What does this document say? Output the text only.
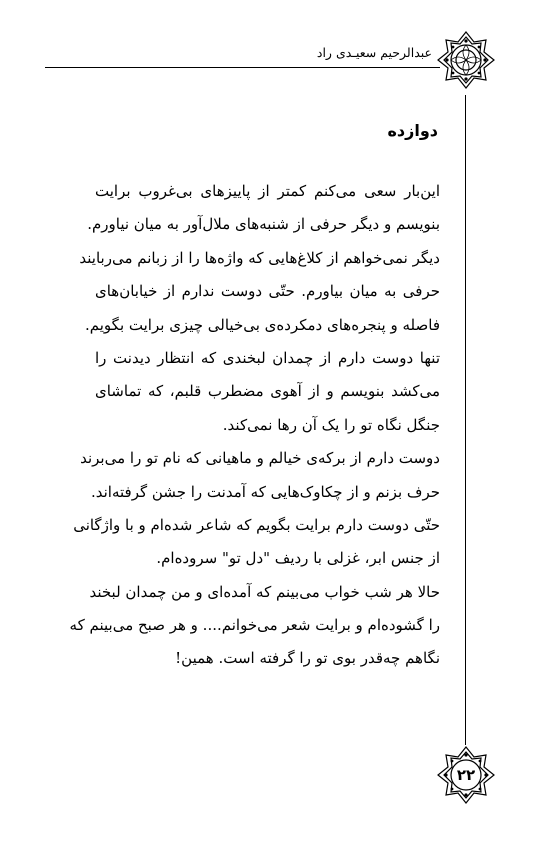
عبدالرحیم سعیـدی راد
۲۲
دوازده
این‌بار سعی می‌کنم کمتر از پاییزهای بی‌غروب برایت
بنویسم و دیگر حرفی از شنبه‌های ملال‌آور به میان نیاورم.
دیگر نمی‌خواهم از کلاغ‌هایی که واژه‌ها را از زبانم می‌ربایند
حرفی به میان بیاورم. حتّی دوست ندارم از خیابان‌های
فاصله و پنجره‌های دمکرده‌ی بی‌خیالی چیزی برایت بگویم.
تنها دوست دارم از چمدان لبخندی که انتظار دیدنت را
می‌کشد بنویسم و از آهوی مضطرب قلبم، که تماشای
جنگل نگاه تو را یک آن رها نمی‌کند.
دوست دارم از برکه‌ی خیالم و ماهیانی که نام تو را می‌برند
حرف بزنم و از چکاوک‌هایی که آمدنت را جشن گرفته‌اند.
حتّی دوست دارم برایت بگویم که شاعر شده‌ام و با واژگانی
از جنس ابر، غزلی با ردیف "دل تو" سروده‌ام.
حالا هر شب خواب می‌بینم که آمده‌ای و من چمدان لبخند
را گشوده‌ام و برایت شعر می‌خوانم.... و هر صبح می‌بینم که
نگاهم چه‌قدر بوی تو را گرفته است. همین!
